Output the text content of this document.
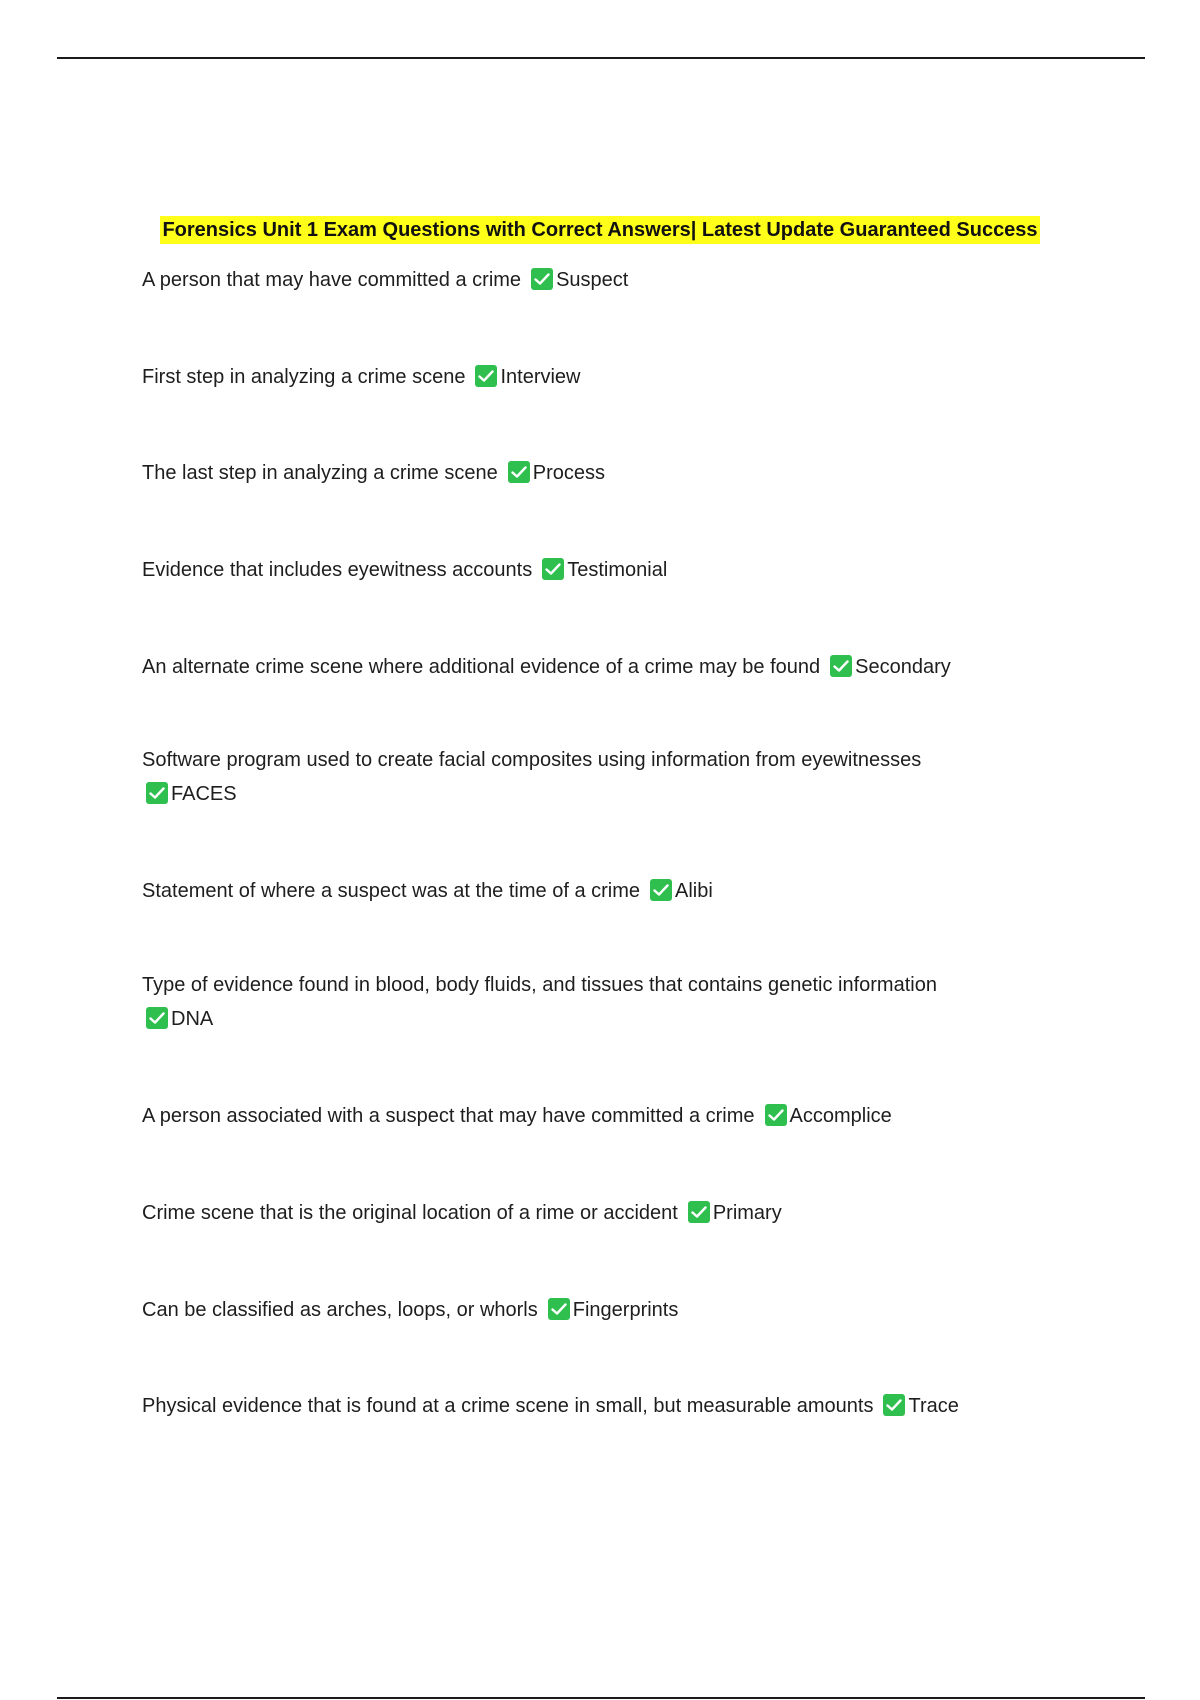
Forensics Unit 1 Exam Questions with Correct Answers| Latest Update Guaranteed Success
A person that may have committed a crime Suspect
First step in analyzing a crime scene Interview
The last step in analyzing a crime scene Process
Evidence that includes eyewitness accounts Testimonial
An alternate crime scene where additional evidence of a crime may be found Secondary
Software program used to create facial composites using information from eyewitnesses

FACES
Statement of where a suspect was at the time of a crime Alibi
Type of evidence found in blood, body fluids, and tissues that contains genetic information

DNA
A person associated with a suspect that may have committed a crime Accomplice
Crime scene that is the original location of a rime or accident Primary
Can be classified as arches, loops, or whorls Fingerprints
Physical evidence that is found at a crime scene in small, but measurable amounts Trace
